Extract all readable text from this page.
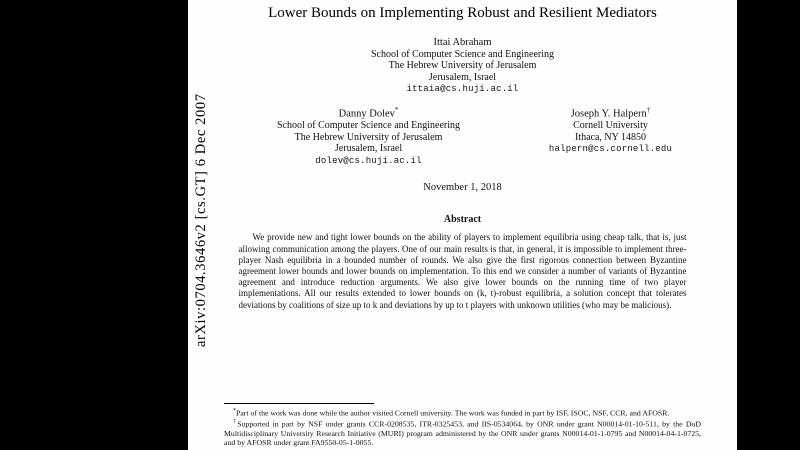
Lower Bounds on Implementing Robust and Resilient Mediators
Ittai Abraham
School of Computer Science and Engineering
The Hebrew University of Jerusalem
Jerusalem, Israel
ittaia@cs.huji.ac.il
Danny Dolev*
School of Computer Science and Engineering
The Hebrew University of Jerusalem
Jerusalem, Israel
dolev@cs.huji.ac.il
Joseph Y. Halpern†
Cornell University
Ithaca, NY 14850
halpern@cs.cornell.edu
November 1, 2018
Abstract

We provide new and tight lower bounds on the ability of players to implement equilibria using cheap talk, that is, just allowing communication among the players. One of our main results is that, in general, it is impossible to implement three-player Nash equilibria in a bounded number of rounds. We also give the first rigorous connection between Byzantine agreement lower bounds and lower bounds on implementation. To this end we consider a number of variants of Byzantine agreement and introduce reduction arguments. We also give lower bounds on the running time of two player implementations. All our results extended to lower bounds on (k, t)-robust equilibria, a solution concept that tolerates deviations by coalitions of size up to k and deviations by up to t players with unknown utilities (who may be malicious).

*Part of the work was done while the author visited Cornell university. The work was funded in part by ISF, ISOC, NSF, CCR, and AFOSR.

†Supported in part by NSF under grants CCR-0208535, ITR-0325453, and IIS-0534064, by ONR under grant N00014-01-10-511, by the DoD Multidisciplinary University Research Initiative (MURI) program administered by the ONR under grants N00014-01-1-0795 and N00014-04-1-0725, and by AFOSR under grant FA9550-05-1-0055.

arXiv:0704.3646v2 [cs.GT] 6 Dec 2007
